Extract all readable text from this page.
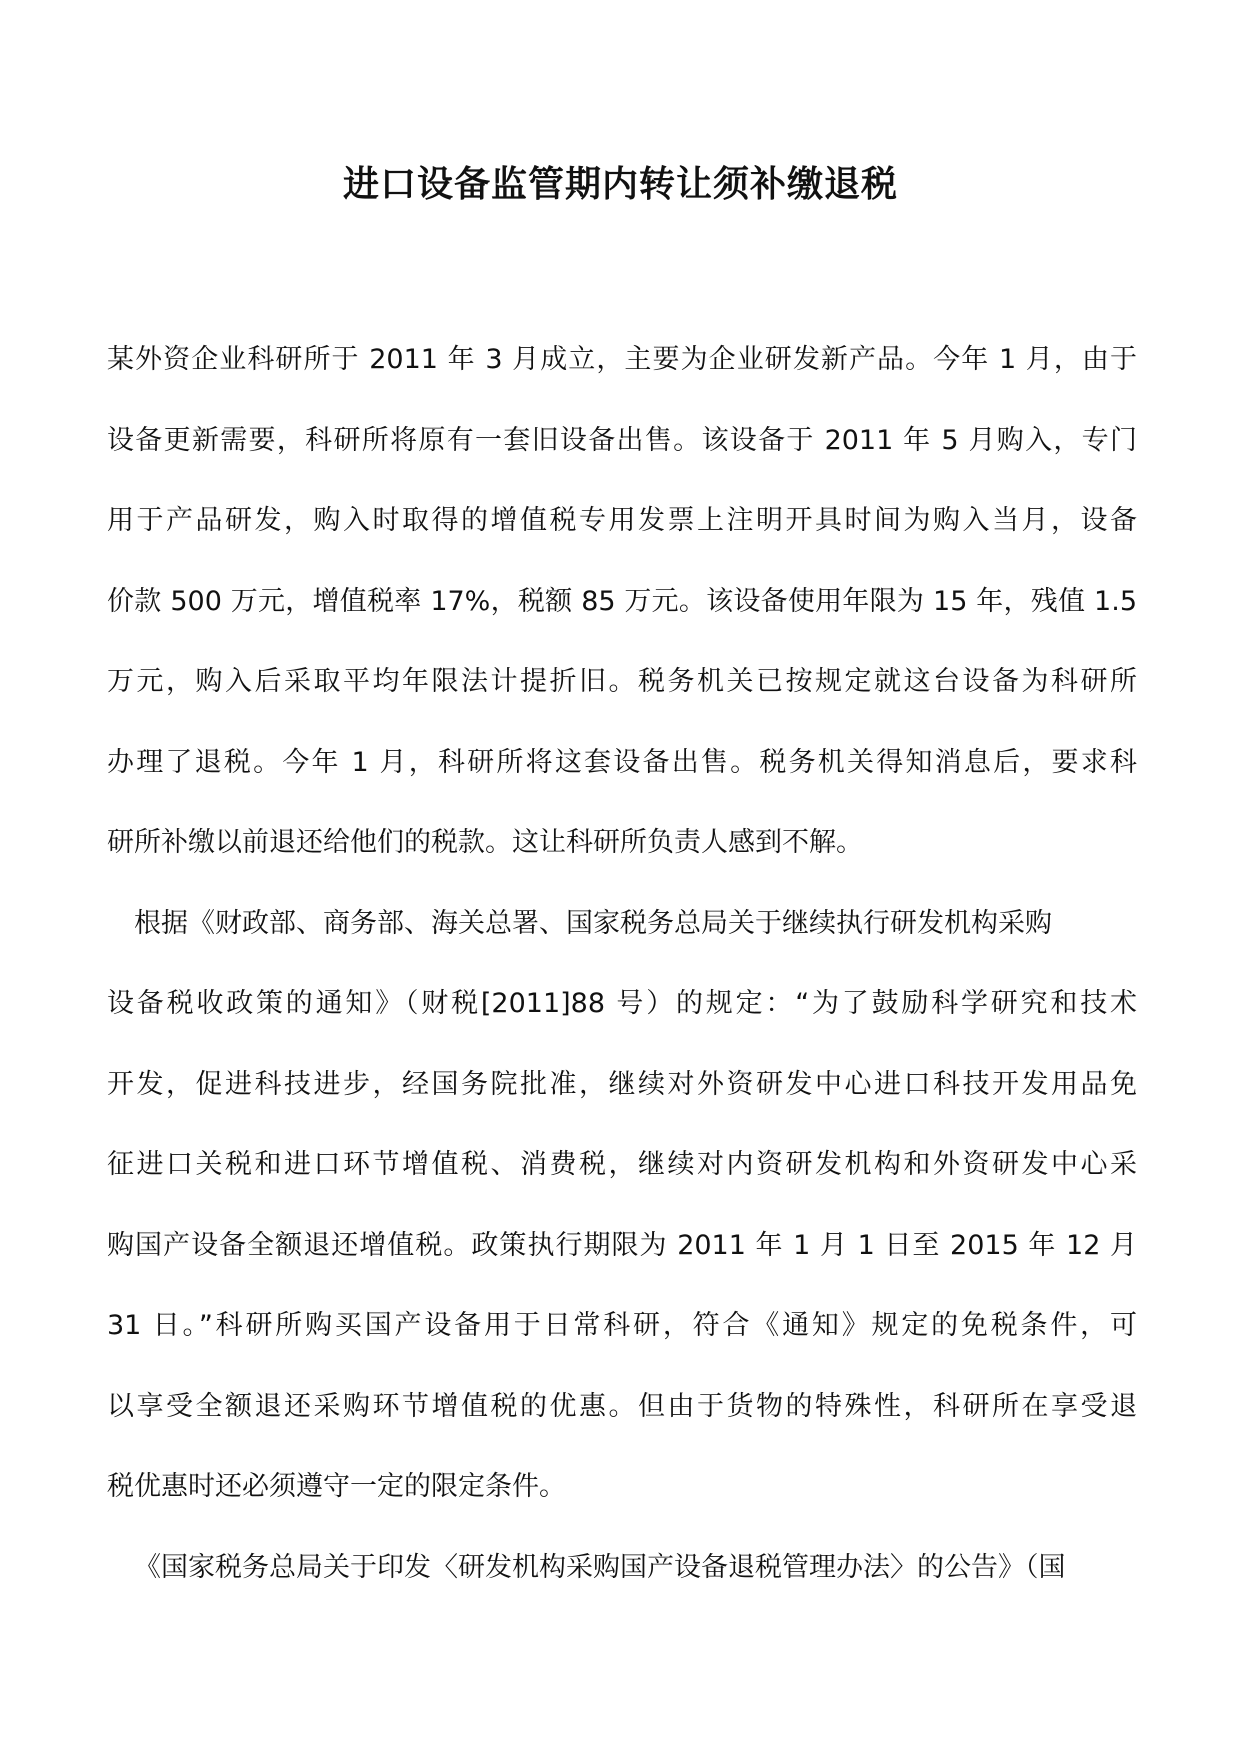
进口设备监管期内转让须补缴退税
某外资企业科研所于 2011 年 3 月成立，主要为企业研发新产品。今年 1 月，由于
设备更新需要，科研所将原有一套旧设备出售。该设备于 2011 年 5 月购入，专门
用于产品研发，购入时取得的增值税专用发票上注明开具时间为购入当月，设备
价款 500 万元，增值税率 17%，税额 85 万元。该设备使用年限为 15 年，残值 1.5
万元，购入后采取平均年限法计提折旧。税务机关已按规定就这台设备为科研所
办理了退税。今年 1 月，科研所将这套设备出售。税务机关得知消息后，要求科
研所补缴以前退还给他们的税款。这让科研所负责人感到不解。
根据《财政部、商务部、海关总署、国家税务总局关于继续执行研发机构采购
设备税收政策的通知》（财税[2011]88 号）的规定：“为了鼓励科学研究和技术
开发，促进科技进步，经国务院批准，继续对外资研发中心进口科技开发用品免
征进口关税和进口环节增值税、消费税，继续对内资研发机构和外资研发中心采
购国产设备全额退还增值税。政策执行期限为 2011 年 1 月 1 日至 2015 年 12 月
31 日。”科研所购买国产设备用于日常科研，符合《通知》规定的免税条件，可
以享受全额退还采购环节增值税的优惠。但由于货物的特殊性，科研所在享受退
税优惠时还必须遵守一定的限定条件。
《国家税务总局关于印发〈研发机构采购国产设备退税管理办法〉的公告》（国
